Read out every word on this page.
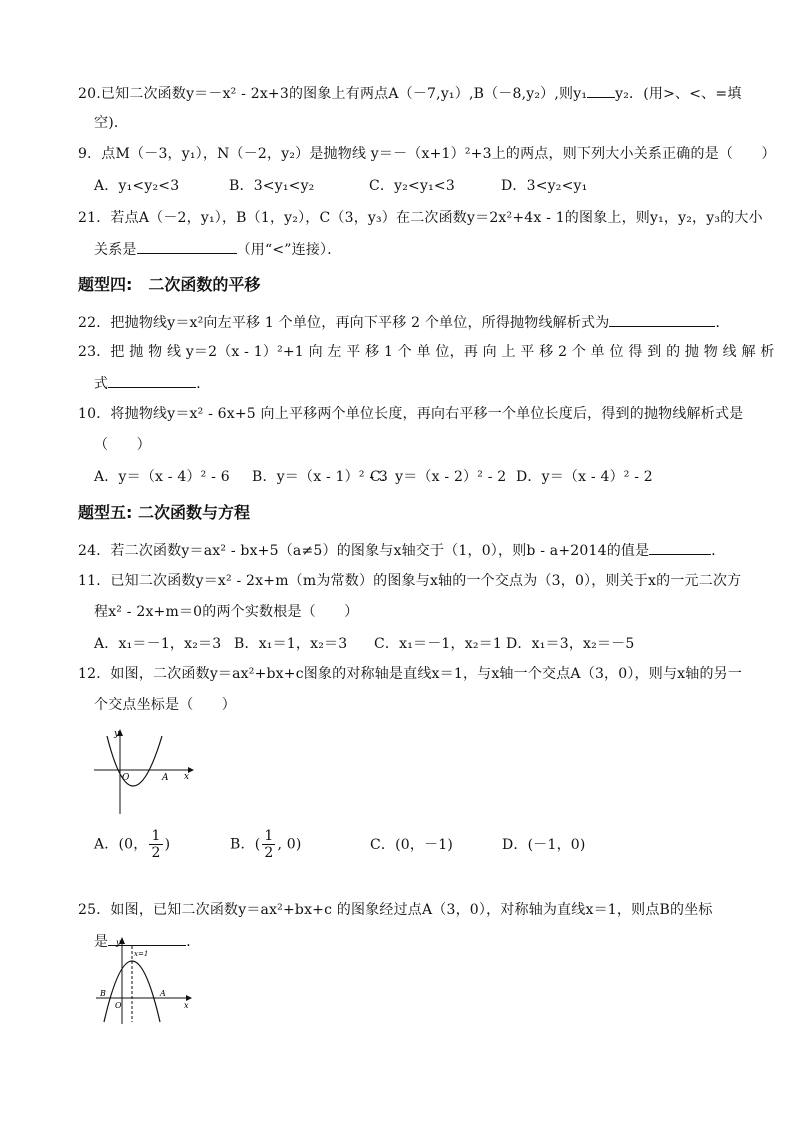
20.已知二次函数y＝－x² - 2x+3的图象上有两点A（－7,y₁）,B（－8,y₂）,则y₁ y₂．(用>、<、=填
空)．
9．点M（－3，y₁），N（－2，y₂）是抛物线 y＝－（x+1）²+3上的两点，则下列大小关系正确的是（　　）
A．y₁<y₂<3	B．3<y₁<y₂	C．y₂<y₁<3	D．3<y₂<y₁
21．若点A（－2，y₁），B（1，y₂），C（3，y₃）在二次函数y＝2x²+4x - 1的图象上，则y₁，y₂，y₃的大小
关系是	（用“<”连接）．
题型四:　二次函数的平移
22．把抛物线y＝x²向左平移 1 个单位，再向下平移 2 个单位，所得抛物线解析式为	．
23．把 抛 物 线 y＝2（x - 1）²+1 向 左 平 移 1 个 单 位，再 向 上 平 移 2 个 单 位 得 到 的 抛 物 线 解 析
式	．
10．将抛物线y＝x² - 6x+5 向上平移两个单位长度，再向右平移一个单位长度后，得到的抛物线解析式是
（　　）
A．y＝（x - 4）² - 6 B．y＝（x - 1）² - 3C．y＝（x - 2）² - 2 D．y＝（x - 4）² - 2
题型五: 二次函数与方程
24．若二次函数y＝ax² - bx+5（a≠5）的图象与x轴交于（1，0），则b - a+2014的值是	．
11．已知二次函数y＝x² - 2x+m（m为常数）的图象与x轴的一个交点为（3，0），则关于x的一元二次方
程x² - 2x+m＝0的两个实数根是（　　）
A．x₁＝－1，x₂＝3 B．x₁＝1，x₂＝3 C．x₁＝－1，x₂＝1 D．x₁＝3，x₂＝－5
12．如图，二次函数y＝ax²+bx+c图象的对称轴是直线x＝1，与x轴一个交点A（3，0），则与x轴的另一
个交点坐标是（　　）
y
x
O	A
A．(0， $\frac{1}{2}$ )	B．( $\frac{1}{2}$ , 0)	C．(0，－1)	D．(－1，0)
25．如图，已知二次函数y＝ax²+bx+c 的图象经过点A（3，0），对称轴为直线x＝1，则点B的坐标
是	．
y
x
x=1
O
B	A
